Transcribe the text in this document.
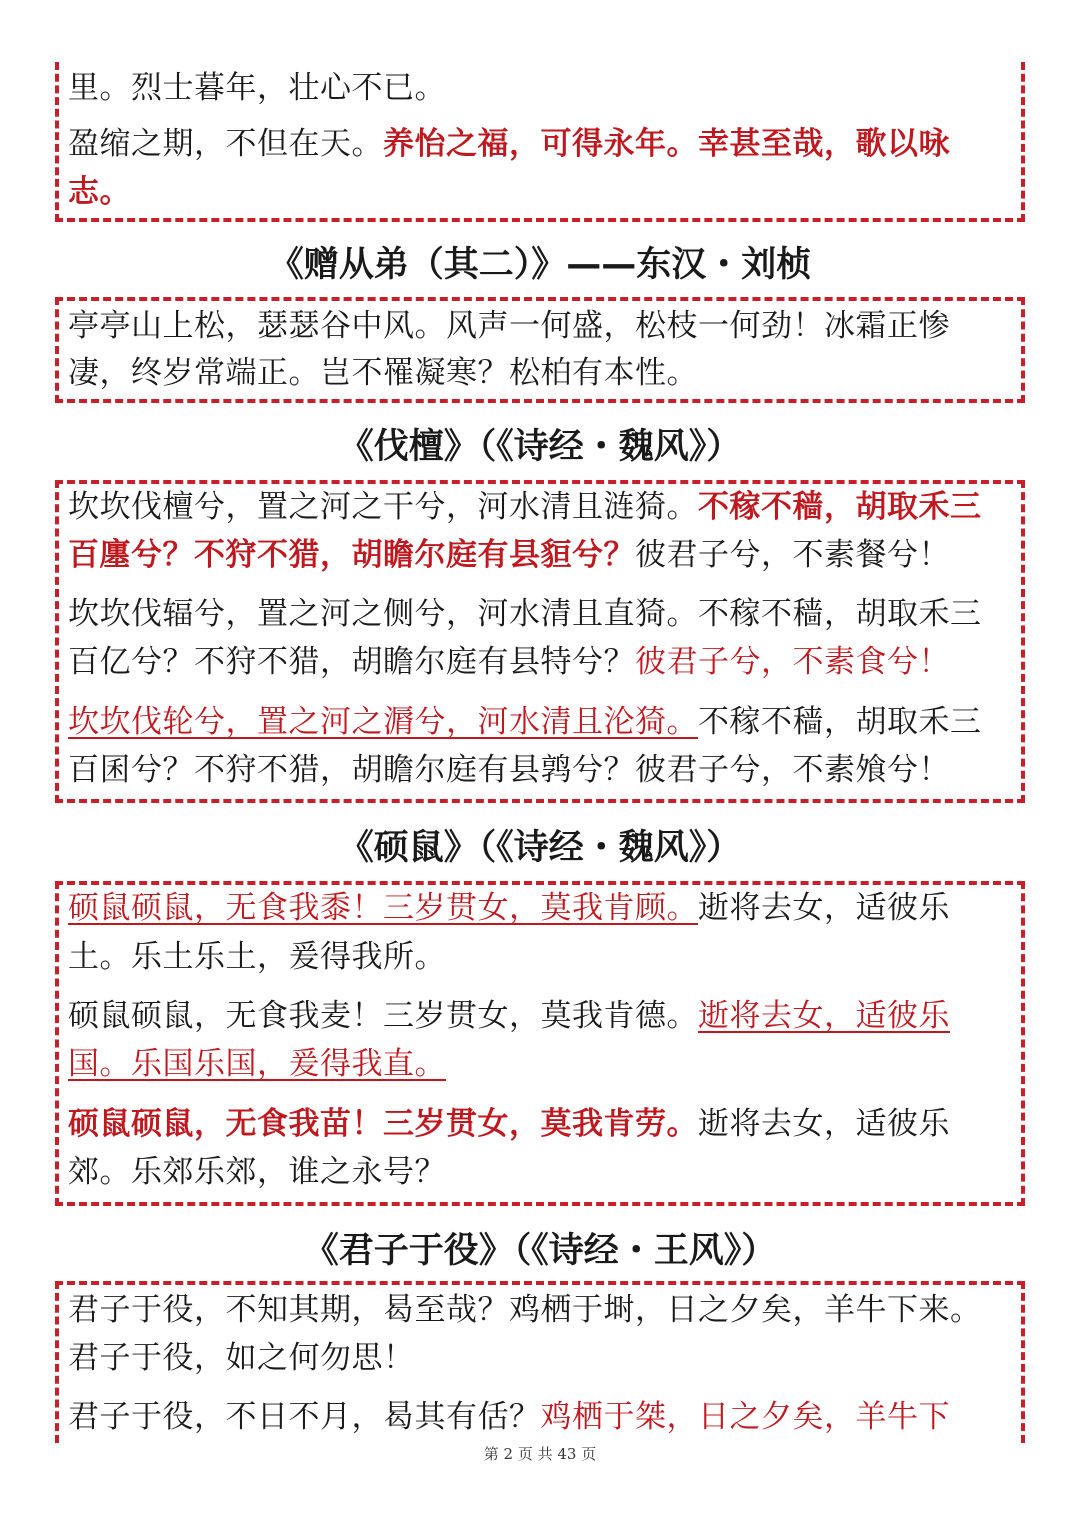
里。烈士暮年，壮心不已。
盈缩之期，不但在天。养怡之福，可得永年。幸甚至哉，歌以咏
志。
《赠从弟（其二）》——东汉・刘桢
亭亭山上松，瑟瑟谷中风。风声一何盛，松枝一何劲！冰霜正惨
凄，终岁常端正。岂不罹凝寒？松柏有本性。
《伐檀》（《诗经・魏风》）
坎坎伐檀兮，置之河之干兮，河水清且涟猗。不稼不穑，胡取禾三
百廛兮？不狩不猎，胡瞻尔庭有县貆兮？彼君子兮，不素餐兮！
坎坎伐辐兮，置之河之侧兮，河水清且直猗。不稼不穑，胡取禾三
百亿兮？不狩不猎，胡瞻尔庭有县特兮？彼君子兮，不素食兮！
坎坎伐轮兮，置之河之漘兮，河水清且沦猗。不稼不穑，胡取禾三
百囷兮？不狩不猎，胡瞻尔庭有县鹑兮？彼君子兮，不素飧兮！
《硕鼠》（《诗经・魏风》）
硕鼠硕鼠，无食我黍！三岁贯女，莫我肯顾。逝将去女，适彼乐
土。乐土乐土，爰得我所。
硕鼠硕鼠，无食我麦！三岁贯女，莫我肯德。逝将去女，适彼乐
国。乐国乐国，爰得我直。
硕鼠硕鼠，无食我苗！三岁贯女，莫我肯劳。逝将去女，适彼乐
郊。乐郊乐郊，谁之永号？
《君子于役》（《诗经・王风》）
君子于役，不知其期，曷至哉？鸡栖于埘，日之夕矣，羊牛下来。
君子于役，如之何勿思！
君子于役，不日不月，曷其有佸？鸡栖于桀，日之夕矣，羊牛下
第 2 页 共 43 页
